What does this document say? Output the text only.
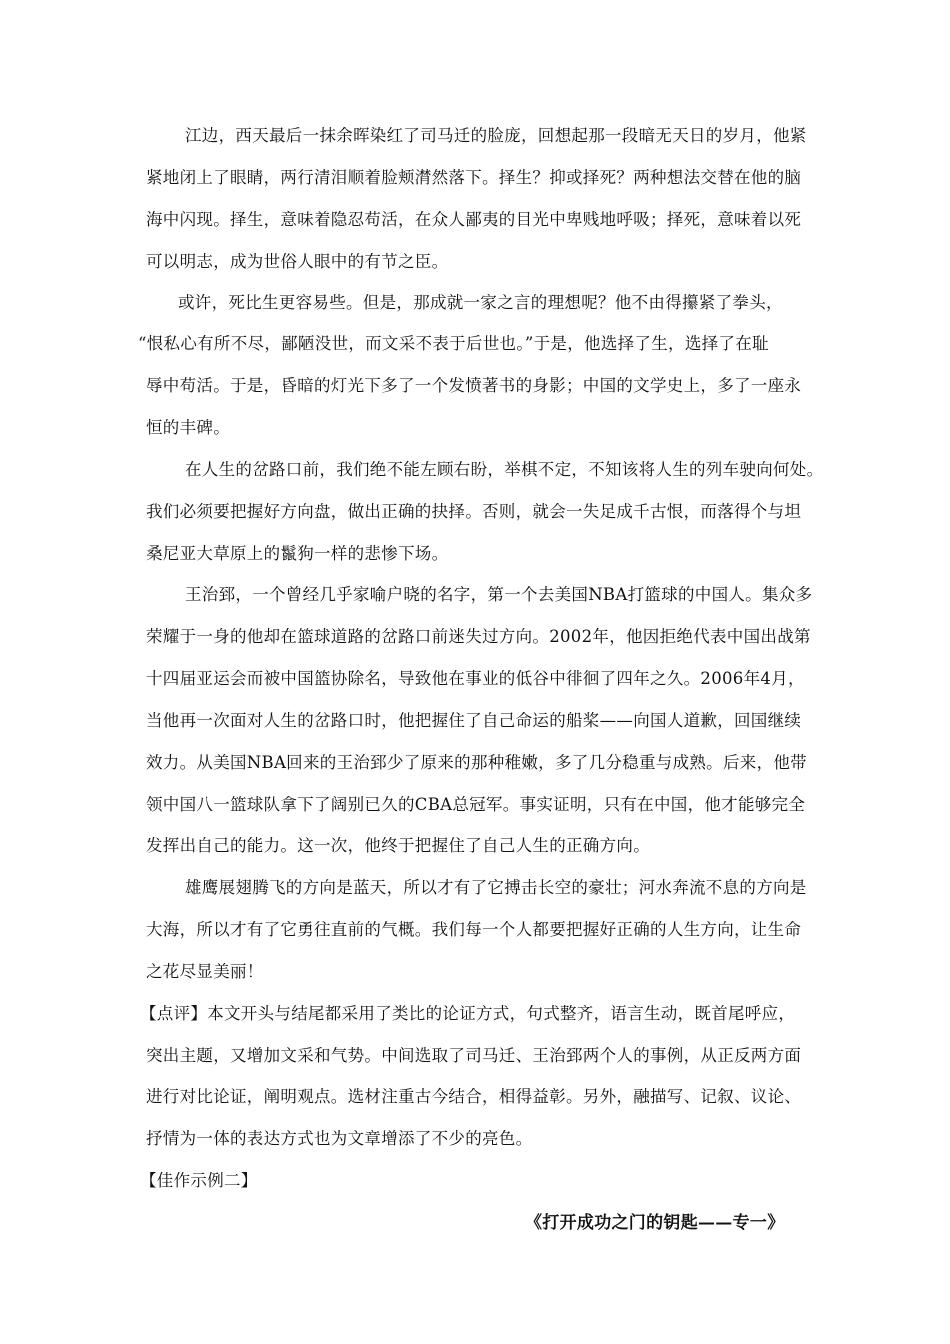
江边，西天最后一抹余晖染红了司马迁的脸庞，回想起那一段暗无天日的岁月，他紧
紧地闭上了眼睛，两行清泪顺着脸颊潸然落下。择生？抑或择死？两种想法交替在他的脑
海中闪现。择生，意味着隐忍苟活，在众人鄙夷的目光中卑贱地呼吸；择死，意味着以死
可以明志，成为世俗人眼中的有节之臣。
或许，死比生更容易些。但是，那成就一家之言的理想呢？他不由得攥紧了拳头，
“恨私心有所不尽，鄙陋没世，而文采不表于后世也。”于是，他选择了生，选择了在耻
辱中苟活。于是，昏暗的灯光下多了一个发愤著书的身影；中国的文学史上，多了一座永
恒的丰碑。
在人生的岔路口前，我们绝不能左顾右盼，举棋不定，不知该将人生的列车驶向何处。
我们必须要把握好方向盘，做出正确的抉择。否则，就会一失足成千古恨，而落得个与坦
桑尼亚大草原上的鬣狗一样的悲惨下场。
王治郅，一个曾经几乎家喻户晓的名字，第一个去美国NBA打篮球的中国人。集众多
荣耀于一身的他却在篮球道路的岔路口前迷失过方向。2002年，他因拒绝代表中国出战第
十四届亚运会而被中国篮协除名，导致他在事业的低谷中徘徊了四年之久。2006年4月，
当他再一次面对人生的岔路口时，他把握住了自己命运的船桨——向国人道歉，回国继续
效力。从美国NBA回来的王治郅少了原来的那种稚嫩，多了几分稳重与成熟。后来，他带
领中国八一篮球队拿下了阔别已久的CBA总冠军。事实证明，只有在中国，他才能够完全
发挥出自己的能力。这一次，他终于把握住了自己人生的正确方向。
雄鹰展翅腾飞的方向是蓝天，所以才有了它搏击长空的豪壮；河水奔流不息的方向是
大海，所以才有了它勇往直前的气概。我们每一个人都要把握好正确的人生方向，让生命
之花尽显美丽！
【点评】本文开头与结尾都采用了类比的论证方式，句式整齐，语言生动，既首尾呼应，
突出主题，又增加文采和气势。中间选取了司马迁、王治郅两个人的事例，从正反两方面
进行对比论证，阐明观点。选材注重古今结合，相得益彰。另外，融描写、记叙、议论、
抒情为一体的表达方式也为文章增添了不少的亮色。
【佳作示例二】
《打开成功之门的钥匙——专一》
